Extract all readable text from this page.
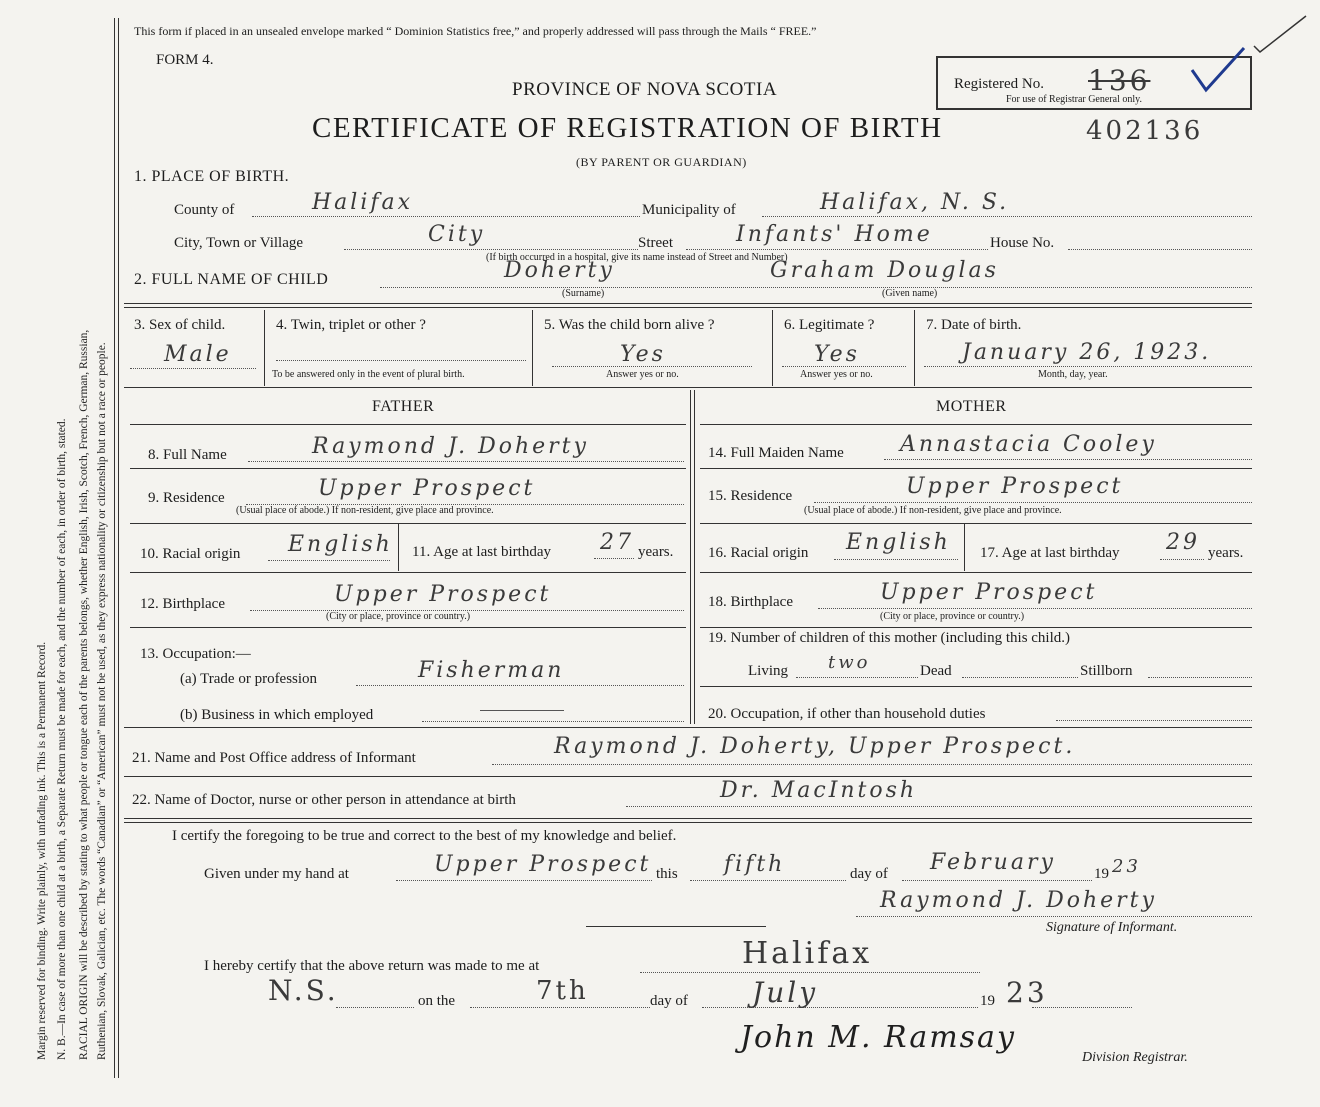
Margin reserved for binding. Write plainly, with unfading ink. This is a Permanent Record. N. B.—In case of more than one child at a birth, a Separate Return must be made for each, and the number of each, in order of birth, stated. RACIAL ORIGIN will be described by stating to what people or tongue each of the parents belongs, whether English, Irish, Scotch, French, German, Russian, Ruthenian, Slovak, Galician, etc. The words “Canadian” or “American” must not be used, as they express nationality or citizenship but not a race or people.
This form if placed in an unsealed envelope marked “ Dominion Statistics free,” and properly addressed will pass through the Mails “ FREE.”
FORM 4.
PROVINCE OF NOVA SCOTIA	Registered No. 136
For use of Registrar General only.
CERTIFICATE OF REGISTRATION OF BIRTH	402136
(BY PARENT OR GUARDIAN)
1. PLACE OF BIRTH.
County of	Halifax	Municipality of	Halifax, N. S.
City, Town or Village	City	Street	Infants' Home	House No.
(If birth occurred in a hospital, give its name instead of Street and Number)
2. FULL NAME OF CHILD	Doherty	Graham Douglas
(Surname)	(Given name)
3. Sex of child.
Male
4. Twin, triplet or other ?
To be answered only in the event of plural birth.
5. Was the child born alive ?
Yes
Answer yes or no.
6. Legitimate ?
Yes
Answer yes or no.
7. Date of birth.
January 26, 1923.
Month, day, year.
FATHER
8. Full Name	Raymond J. Doherty
9. Residence	Upper Prospect
(Usual place of abode.) If non-resident, give place and province.
10. Racial origin English 11. Age at last birthday 27 years.
12. Birthplace	Upper Prospect
(City or place, province or country.)
13. Occupation:—
(a) Trade or profession	Fisherman
(b) Business in which employed
MOTHER
14. Full Maiden Name	Annastacia Cooley
15. Residence	Upper Prospect
(Usual place of abode.) If non-resident, give place and province.
16. Racial origin English 17. Age at last birthday 29 years.
18. Birthplace	Upper Prospect
(City or place, province or country.)
19. Number of children of this mother (including this child.)
Living two	Dead	Stillborn
20. Occupation, if other than household duties
21. Name and Post Office address of Informant	Raymond J. Doherty, Upper Prospect.
22. Name of Doctor, nurse or other person in attendance at birth	Dr. MacIntosh
I certify the foregoing to be true and correct to the best of my knowledge and belief.
Given under my hand at	Upper Prospect this fifth	day of February	19 23
Raymond J. Doherty
Signature of Informant.
I hereby certify that the above return was made to me at	Halifax
N.S.	on the	7th	day of July	19 23
John M. Ramsay
Division Registrar.
